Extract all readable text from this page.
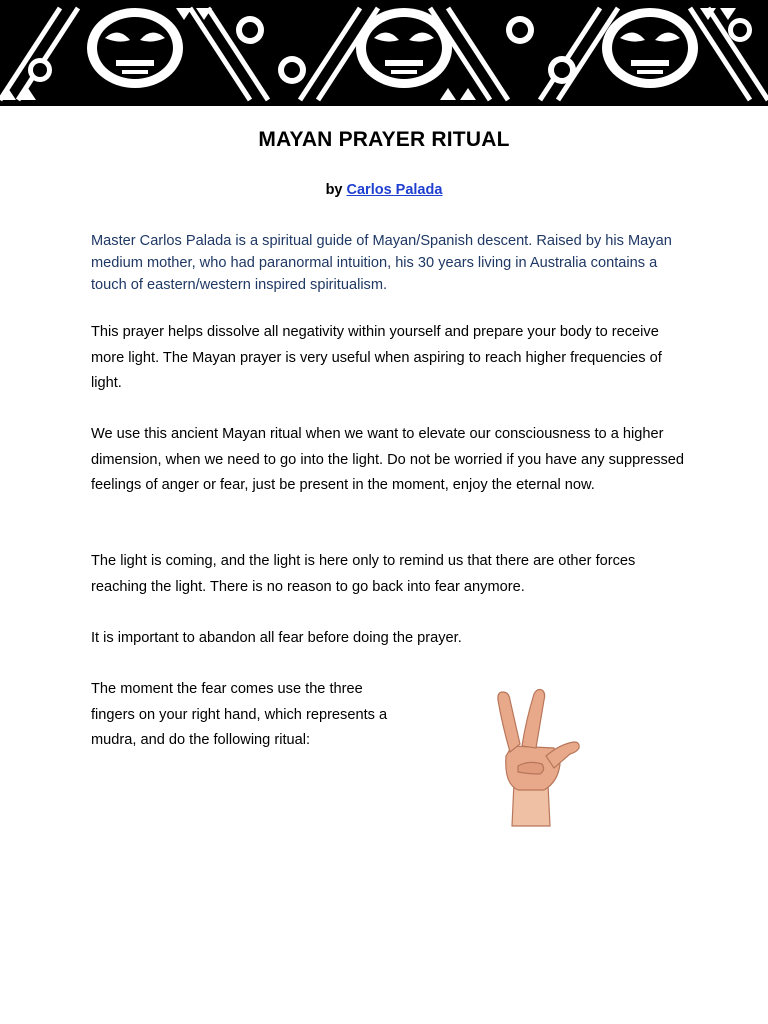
MAYAN PRAYER RITUAL
by Carlos Palada

Master Carlos Palada is a spiritual guide of Mayan/Spanish descent. Raised by his Mayan medium mother, who had paranormal intuition, his 30 years living in Australia contains a touch of eastern/western inspired spiritualism.

This prayer helps dissolve all negativity within yourself and prepare your body to receive more light. The Mayan prayer is very useful when aspiring to reach higher frequencies of light.

We use this ancient Mayan ritual when we want to elevate our consciousness to a higher dimension, when we need to go into the light. Do not be worried if you have any suppressed feelings of anger or fear, just be present in the moment, enjoy the eternal now.

The light is coming, and the light is here only to remind us that there are other forces reaching the light. There is no reason to go back into fear anymore.

It is important to abandon all fear before doing the prayer.

The moment the fear comes use the three fingers on your right hand, which represents a mudra, and do the following ritual:
